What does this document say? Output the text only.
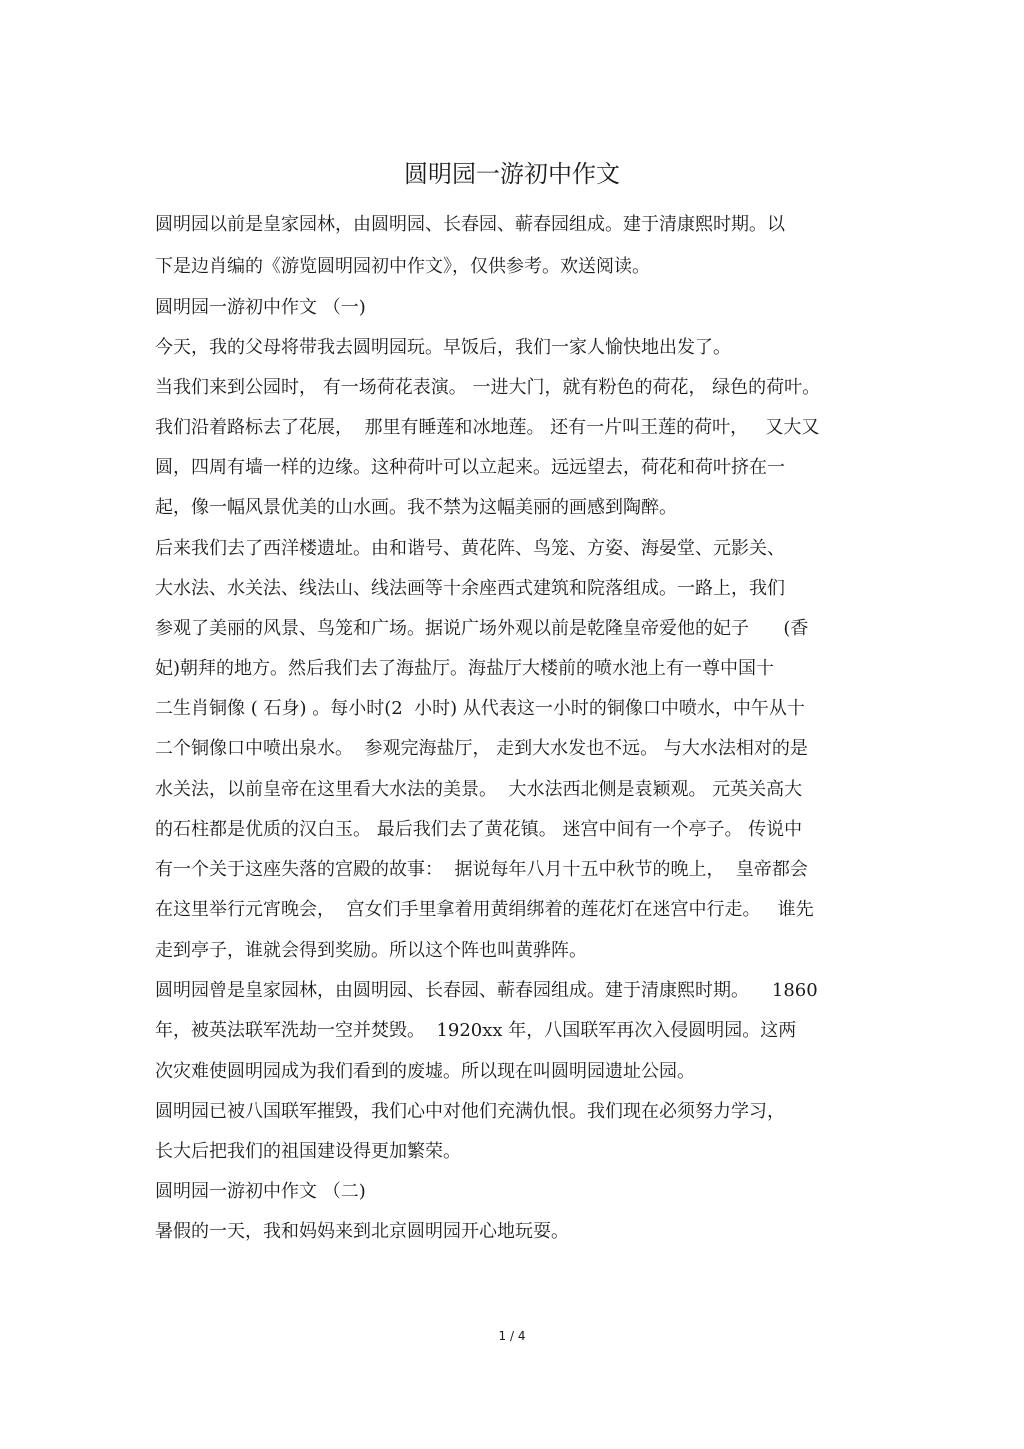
圆明园一游初中作文
圆明园以前是皇家园林，由圆明园、长春园、蕲春园组成。建于清康熙时期。以
下是边肖编的《游览圆明园初中作文》，仅供参考。欢送阅读。
圆明园一游初中作文 （一)
今天，我的父母将带我去圆明园玩。早饭后，我们一家人愉快地出发了。
当我们来到公园时， 有一场荷花表演。 一进大门，就有粉色的荷花， 绿色的荷叶。
我们沿着路标去了花展，  那里有睡莲和冰地莲。 还有一片叫王莲的荷叶，   又大又
圆，四周有墙一样的边缘。这种荷叶可以立起来。远远望去，荷花和荷叶挤在一
起，像一幅风景优美的山水画。我不禁为这幅美丽的画感到陶醉。
后来我们去了西洋楼遗址。由和谐号、黄花阵、鸟笼、方姿、海晏堂、元影关、
大水法、水关法、线法山、线法画等十余座西式建筑和院落组成。一路上，我们
参观了美丽的风景、鸟笼和广场。据说广场外观以前是乾隆皇帝爱他的妃子      (香
妃)朝拜的地方。然后我们去了海盐厅。海盐厅大楼前的喷水池上有一尊中国十
二生肖铜像 ( 石身) 。每小时(2  小时) 从代表这一小时的铜像口中喷水，中午从十
二个铜像口中喷出泉水。  参观完海盐厅， 走到大水发也不远。 与大水法相对的是
水关法，以前皇帝在这里看大水法的美景。  大水法西北侧是袁颖观。 元英关高大
的石柱都是优质的汉白玉。 最后我们去了黄花镇。 迷宫中间有一个亭子。 传说中
有一个关于这座失落的宫殿的故事：  据说每年八月十五中秋节的晚上，  皇帝都会
在这里举行元宵晚会，  宫女们手里拿着用黄绢绑着的莲花灯在迷宫中行走。   谁先
走到亭子，谁就会得到奖励。所以这个阵也叫黄骅阵。
圆明园曾是皇家园林，由圆明园、长春园、蕲春园组成。建于清康熙时期。    1860
年，被英法联军洗劫一空并焚毁。  1920xx 年，八国联军再次入侵圆明园。这两
次灾难使圆明园成为我们看到的废墟。所以现在叫圆明园遗址公园。
圆明园已被八国联军摧毁，我们心中对他们充满仇恨。我们现在必须努力学习，
长大后把我们的祖国建设得更加繁荣。
圆明园一游初中作文 （二)
暑假的一天，我和妈妈来到北京圆明园开心地玩耍。
1 / 4
